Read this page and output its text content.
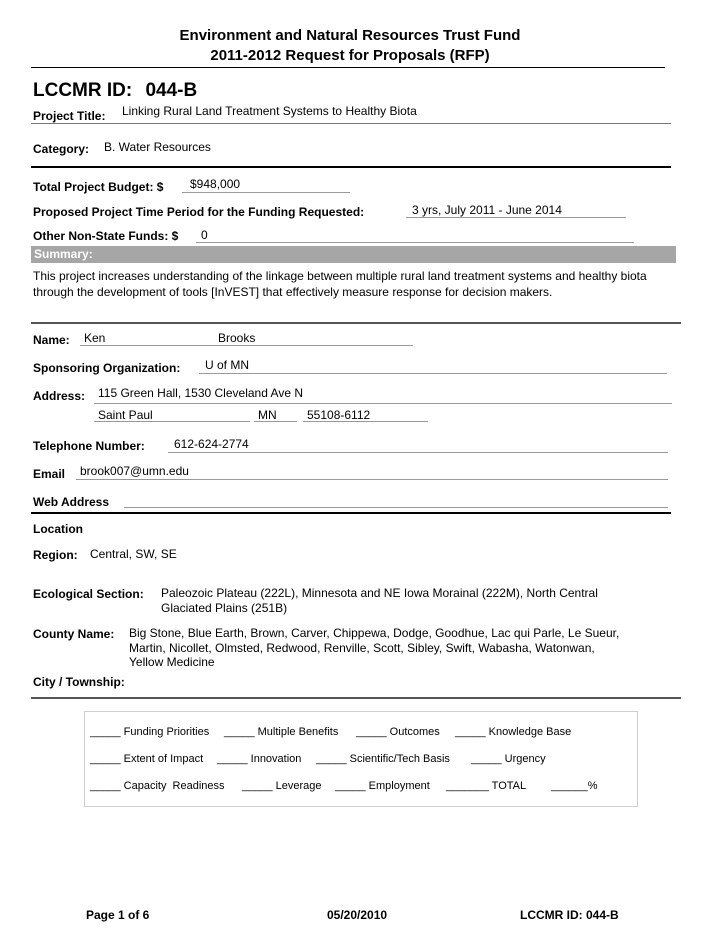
Environment and Natural Resources Trust Fund
2011-2012 Request for Proposals (RFP)
LCCMR ID: 044-B
Project Title: Linking Rural Land Treatment Systems to Healthy Biota
Category: B. Water Resources
Total Project Budget: $ $948,000
Proposed Project Time Period for the Funding Requested:	3 yrs, July 2011 - June 2014
Other Non-State Funds: $ 0
Summary:
This project increases understanding of the linkage between multiple rural land treatment systems and healthy biota through the development of tools [InVEST] that effectively measure response for decision makers.
Name: Ken	Brooks
Sponsoring Organization: U of MN
Address: 115 Green Hall, 1530 Cleveland Ave N
Saint Paul	MN	55108-6112
Telephone Number: 612-624-2774
Email brook007@umn.edu
Web Address
Location
Region: Central, SW, SE
Ecological Section: Paleozoic Plateau (222L), Minnesota and NE Iowa Morainal (222M), North Central
Glaciated Plains (251B)
County Name: Big Stone, Blue Earth, Brown, Carver, Chippewa, Dodge, Goodhue, Lac qui Parle, Le Sueur,
Martin, Nicollet, Olmsted, Redwood, Renville, Scott, Sibley, Swift, Wabasha, Watonwan,
Yellow Medicine
City / Township:
_____ Funding Priorities _____ Multiple Benefits _____ Outcomes _____ Knowledge Base
_____ Extent of Impact _____ Innovation _____ Scientific/Tech Basis _____ Urgency
_____ Capacity  Readiness _____ Leverage _____ Employment _______ TOTAL ______%
Page 1 of 6	05/20/2010	LCCMR ID: 044-B
